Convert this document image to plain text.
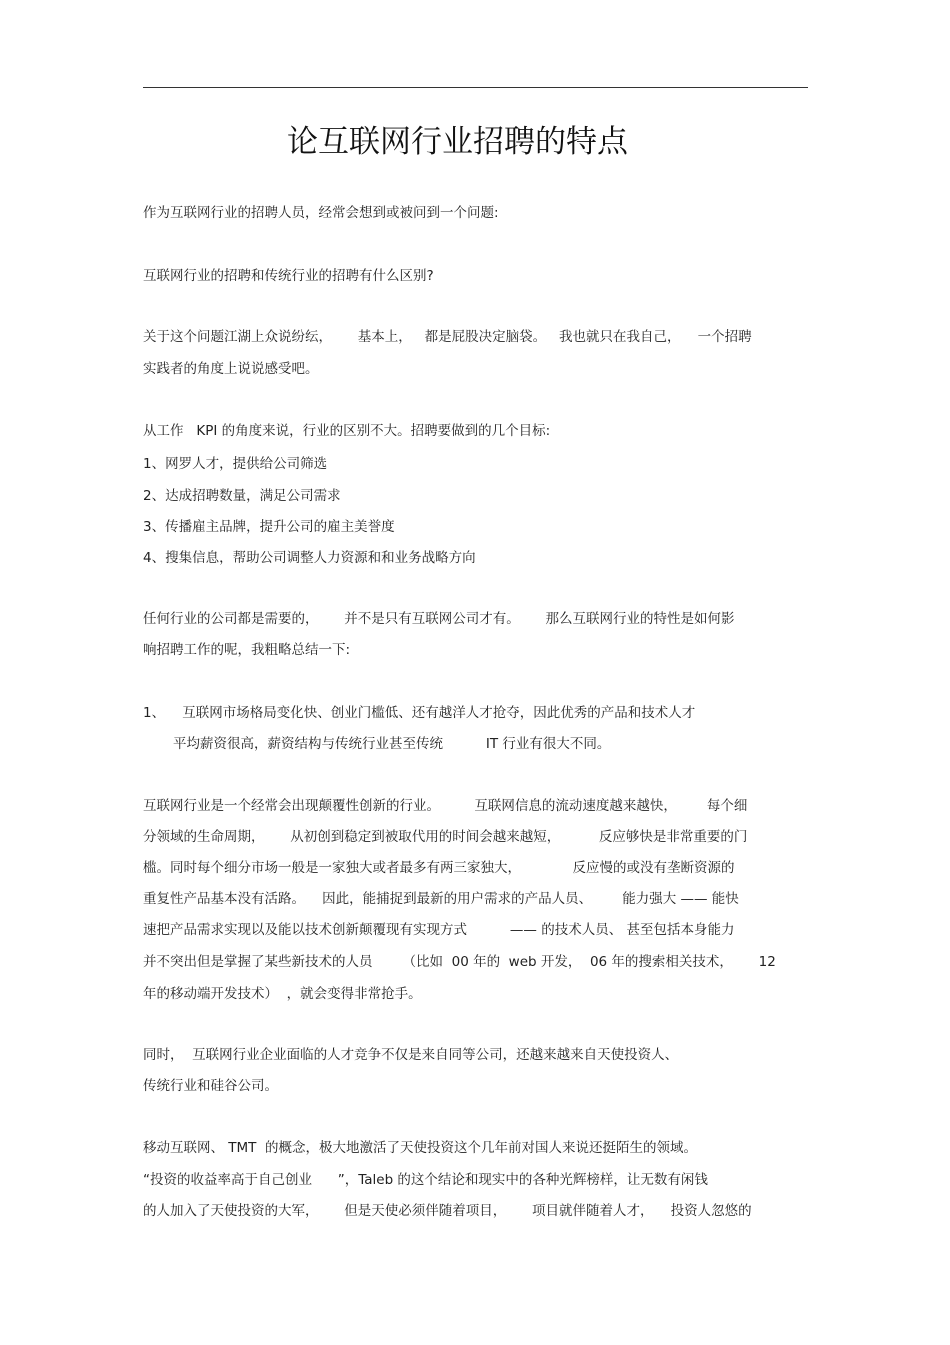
论互联网行业招聘的特点
作为互联网行业的招聘人员，经常会想到或被问到一个问题:
互联网行业的招聘和传统行业的招聘有什么区别?
关于这个问题江湖上众说纷纭，      基本上，   都是屁股决定脑袋。   我也就只在我自己，    一个招聘
实践者的角度上说说感受吧。
从工作   KPI 的角度来说，行业的区别不大。招聘要做到的几个目标:
1、网罗人才，提供给公司筛选
2、达成招聘数量，满足公司需求
3、传播雇主品牌，提升公司的雇主美誉度
4、搜集信息，帮助公司调整人力资源和和业务战略方向
任何行业的公司都是需要的，      并不是只有互联网公司才有。      那么互联网行业的特性是如何影
响招聘工作的呢，我粗略总结一下:
1、    互联网市场格局变化快、创业门槛低、还有越洋人才抢夺，因此优秀的产品和技术人才
平均薪资很高，薪资结构与传统行业甚至传统          IT 行业有很大不同。
互联网行业是一个经常会出现颠覆性创新的行业。        互联网信息的流动速度越来越快，       每个细
分领域的生命周期，      从初创到稳定到被取代用的时间会越来越短，         反应够快是非常重要的门
槛。同时每个细分市场一般是一家独大或者最多有两三家独大，            反应慢的或没有垄断资源的
重复性产品基本没有活路。    因此，能捕捉到最新的用户需求的产品人员、       能力强大 —— 能快
速把产品需求实现以及能以技术创新颠覆现有实现方式          —— 的技术人员、 甚至包括本身能力
并不突出但是掌握了某些新技术的人员       （比如  00 年的  web 开发，  06 年的搜索相关技术，      12
年的移动端开发技术）  ，就会变得非常抢手。
同时，  互联网行业企业面临的人才竞争不仅是来自同等公司，还越来越来自天使投资人、
传统行业和硅谷公司。
移动互联网、 TMT  的概念，极大地激活了天使投资这个几年前对国人来说还挺陌生的领域。
“投资的收益率高于自己创业      ”，Taleb 的这个结论和现实中的各种光辉榜样，让无数有闲钱
的人加入了天使投资的大军，      但是天使必须伴随着项目，      项目就伴随着人才，    投资人忽悠的
